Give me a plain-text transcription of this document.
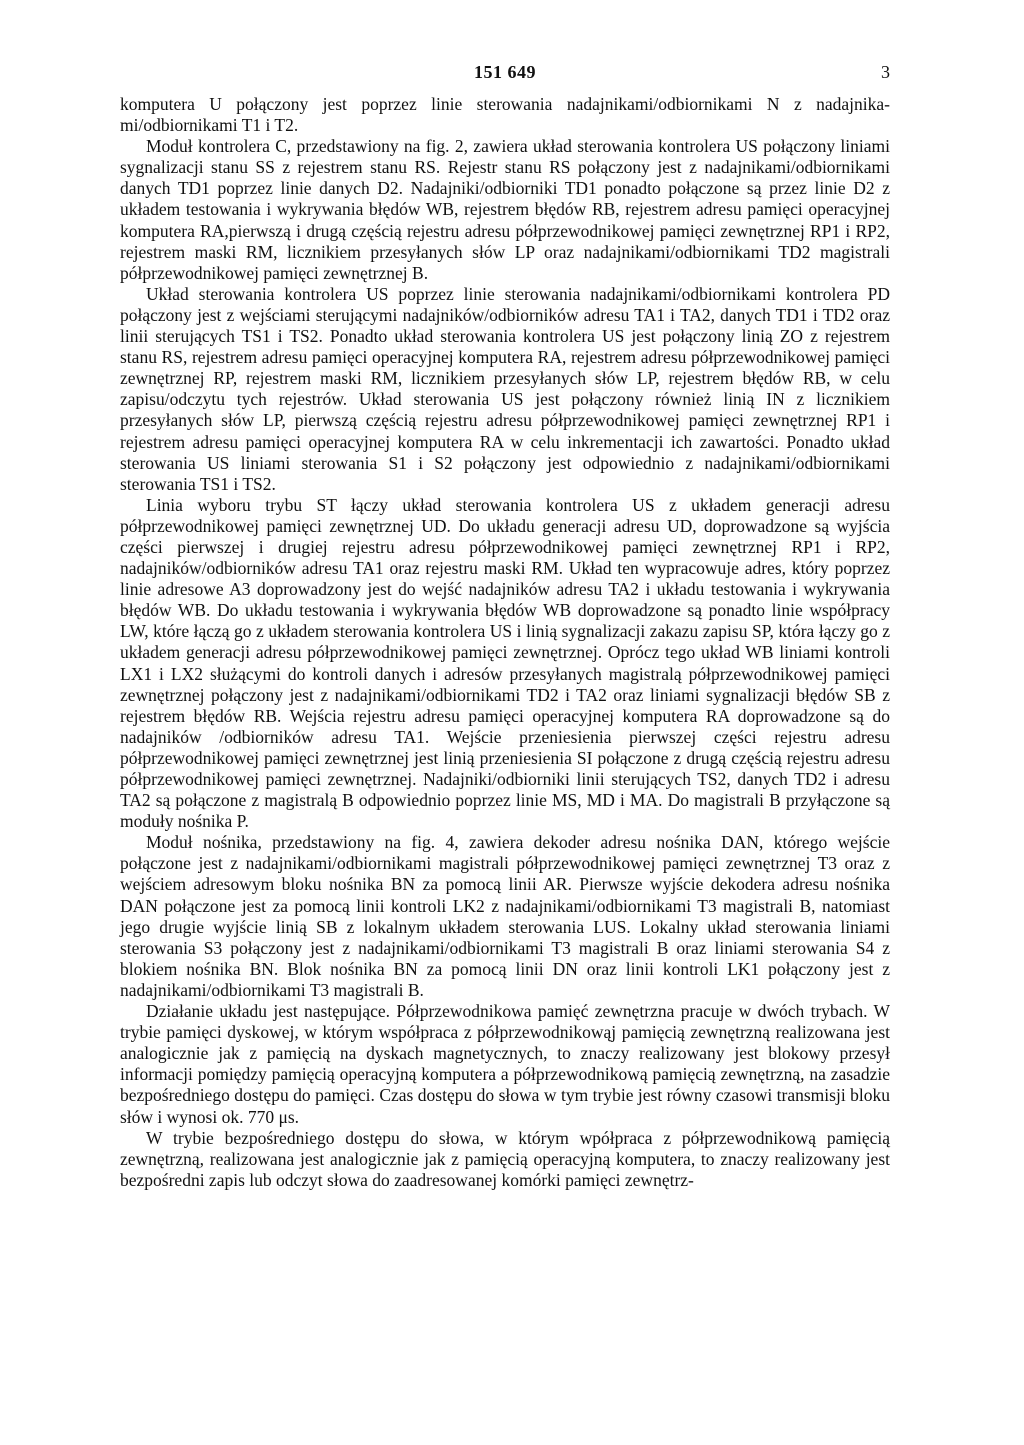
151 649	3

komputera U połączony jest poprzez linie sterowania nadajnikami/odbiornikami N z nadajnika-mi/odbiornikami T1 i T2.

Moduł kontrolera C, przedstawiony na fig. 2, zawiera układ sterowania kontrolera US połączony liniami sygnalizacji stanu SS z rejestrem stanu RS. Rejestr stanu RS połączony jest z nadajnikami/odbiornikami danych TD1 poprzez linie danych D2. Nadajniki/odbiorniki TD1 ponadto połączone są przez linie D2 z układem testowania i wykrywania błędów WB, rejestrem błędów RB, rejestrem adresu pamięci operacyjnej komputera RA,pierwszą i drugą częścią rejestru adresu półprzewodnikowej pamięci zewnętrznej RP1 i RP2, rejestrem maski RM, licznikiem przesyłanych słów LP oraz nadajnikami/odbiornikami TD2 magistrali półprzewodnikowej pamięci zewnętrznej B.

Układ sterowania kontrolera US poprzez linie sterowania nadajnikami/odbiornikami kontrolera PD połączony jest z wejściami sterującymi nadajników/odbiorników adresu TA1 i TA2, danych TD1 i TD2 oraz linii sterujących TS1 i TS2. Ponadto układ sterowania kontrolera US jest połączony linią ZO z rejestrem stanu RS, rejestrem adresu pamięci operacyjnej komputera RA, rejestrem adresu półprzewodnikowej pamięci zewnętrznej RP, rejestrem maski RM, licznikiem przesyłanych słów LP, rejestrem błędów RB, w celu zapisu/odczytu tych rejestrów. Układ sterowania US jest połączony również linią IN z licznikiem przesyłanych słów LP, pierwszą częścią rejestru adresu półprzewodnikowej pamięci zewnętrznej RP1 i rejestrem adresu pamięci operacyjnej komputera RA w celu inkrementacji ich zawartości. Ponadto układ sterowania US liniami sterowania S1 i S2 połączony jest odpowiednio z nadajnikami/odbiornikami sterowania TS1 i TS2.

Linia wyboru trybu ST łączy układ sterowania kontrolera US z układem generacji adresu półprzewodnikowej pamięci zewnętrznej UD. Do układu generacji adresu UD, doprowadzone są wyjścia części pierwszej i drugiej rejestru adresu półprzewodnikowej pamięci zewnętrznej RP1 i RP2, nadajników/odbiorników adresu TA1 oraz rejestru maski RM. Układ ten wypracowuje adres, który poprzez linie adresowe A3 doprowadzony jest do wejść nadajników adresu TA2 i układu testowania i wykrywania błędów WB. Do układu testowania i wykrywania błędów WB doprowadzone są ponadto linie współpracy LW, które łączą go z układem sterowania kontrolera US i linią sygnalizacji zakazu zapisu SP, która łączy go z układem generacji adresu półprzewodnikowej pamięci zewnętrznej. Oprócz tego układ WB liniami kontroli LX1 i LX2 służącymi do kontroli danych i adresów przesyłanych magistralą półprzewodnikowej pamięci zewnętrznej połączony jest z nadajnikami/odbiornikami TD2 i TA2 oraz liniami sygnalizacji błędów SB z rejestrem błędów RB. Wejścia rejestru adresu pamięci operacyjnej komputera RA doprowadzone są do nadajników /odbiorników adresu TA1. Wejście przeniesienia pierwszej części rejestru adresu półprzewodnikowej pamięci zewnętrznej jest linią przeniesienia SI połączone z drugą częścią rejestru adresu półprzewodnikowej pamięci zewnętrznej. Nadajniki/odbiorniki linii sterujących TS2, danych TD2 i adresu TA2 są połączone z magistralą B odpowiednio poprzez linie MS, MD i MA. Do magistrali B przyłączone są moduły nośnika P.

Moduł nośnika, przedstawiony na fig. 4, zawiera dekoder adresu nośnika DAN, którego wejście połączone jest z nadajnikami/odbiornikami magistrali półprzewodnikowej pamięci zewnętrznej T3 oraz z wejściem adresowym bloku nośnika BN za pomocą linii AR. Pierwsze wyjście dekodera adresu nośnika DAN połączone jest za pomocą linii kontroli LK2 z nadajnikami/odbiornikami T3 magistrali B, natomiast jego drugie wyjście linią SB z lokalnym układem sterowania LUS. Lokalny układ sterowania liniami sterowania S3 połączony jest z nadajnikami/odbiornikami T3 magistrali B oraz liniami sterowania S4 z blokiem nośnika BN. Blok nośnika BN za pomocą linii DN oraz linii kontroli LK1 połączony jest z nadajnikami/odbiornikami T3 magistrali B.

Działanie układu jest następujące. Półprzewodnikowa pamięć zewnętrzna pracuje w dwóch trybach. W trybie pamięci dyskowej, w którym współpraca z półprzewodnikowąj pamięcią zewnętrzną realizowana jest analogicznie jak z pamięcią na dyskach magnetycznych, to znaczy realizowany jest blokowy przesył informacji pomiędzy pamięcią operacyjną komputera a półprzewodnikową pamięcią zewnętrzną, na zasadzie bezpośredniego dostępu do pamięci. Czas dostępu do słowa w tym trybie jest równy czasowi transmisji bloku słów i wynosi ok. 770 μs.

W trybie bezpośredniego dostępu do słowa, w którym wpółpraca z półprzewodnikową pamięcią zewnętrzną, realizowana jest analogicznie jak z pamięcią operacyjną komputera, to znaczy realizowany jest bezpośredni zapis lub odczyt słowa do zaadresowanej komórki pamięci zewnętrz-
